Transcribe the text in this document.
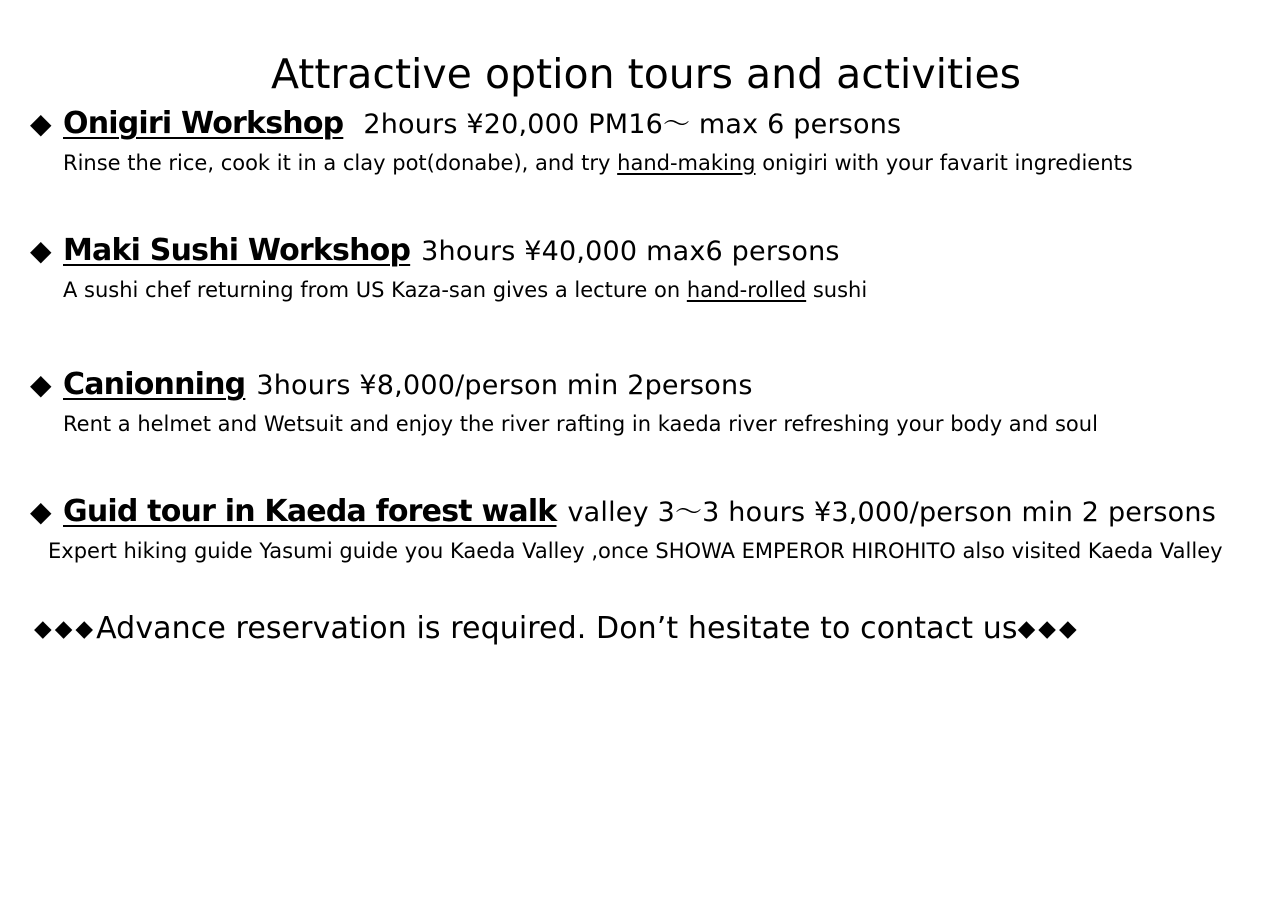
Attractive option tours and activities
◆ Onigiri Workshop 2hours ¥20,000 PM16～ max 6 persons
Rinse the rice, cook it in a clay pot(donabe), and try hand-making onigiri with your favarit ingredients
◆ Maki Sushi Workshop 3hours ¥40,000 max6 persons
A sushi chef returning from US Kaza-san gives a lecture on hand-rolled sushi
◆ Canionning 3hours ¥8,000/person min 2persons
Rent a helmet and Wetsuit and enjoy the river rafting in kaeda river refreshing your body and soul
◆ Guid tour in Kaeda forest walk valley 3～3 hours ¥3,000/person min 2 persons
Expert hiking guide Yasumi guide you Kaeda Valley ,once SHOWA EMPEROR HIROHITO also visited Kaeda Valley
◆◆◆Advance reservation is required. Don’t hesitate to contact us◆◆◆
